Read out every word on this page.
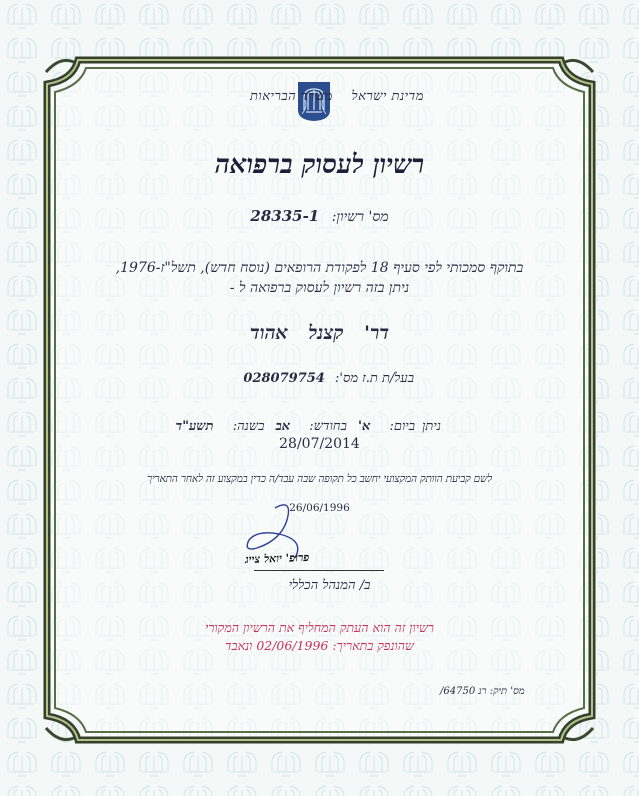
מדינת ישראל משרד הבריאות
רשיון לעסוק ברפואה
מס' רשיון: 28335-1
בתוקף סמכותי לפי סעיף 18 לפקודת הרופאים (נוסח חדש), תשל"ז-1976,
ניתן בזה רשיון לעסוק ברפואה ל -
דר' קצנל אהוד
בעל/ת ת.ז מס': 028079754
ניתן ביום: א' בחודש: אב בשנה: תשע"ד
28/07/2014
לשם קביעת הוותק המקצועי יחשב כל תקופה שבה עבד/ה כדין במקצוע זה לאחר התאריך
26/06/1996
פרופ' יואל צייג
ב/ המנהל הכללי
רשיון זה הוא העתק המחליף את הרשיון המקורי
שהונפק בתאריך: 02/06/1996 ונאבד
מס' תיק: רנ 64750/
